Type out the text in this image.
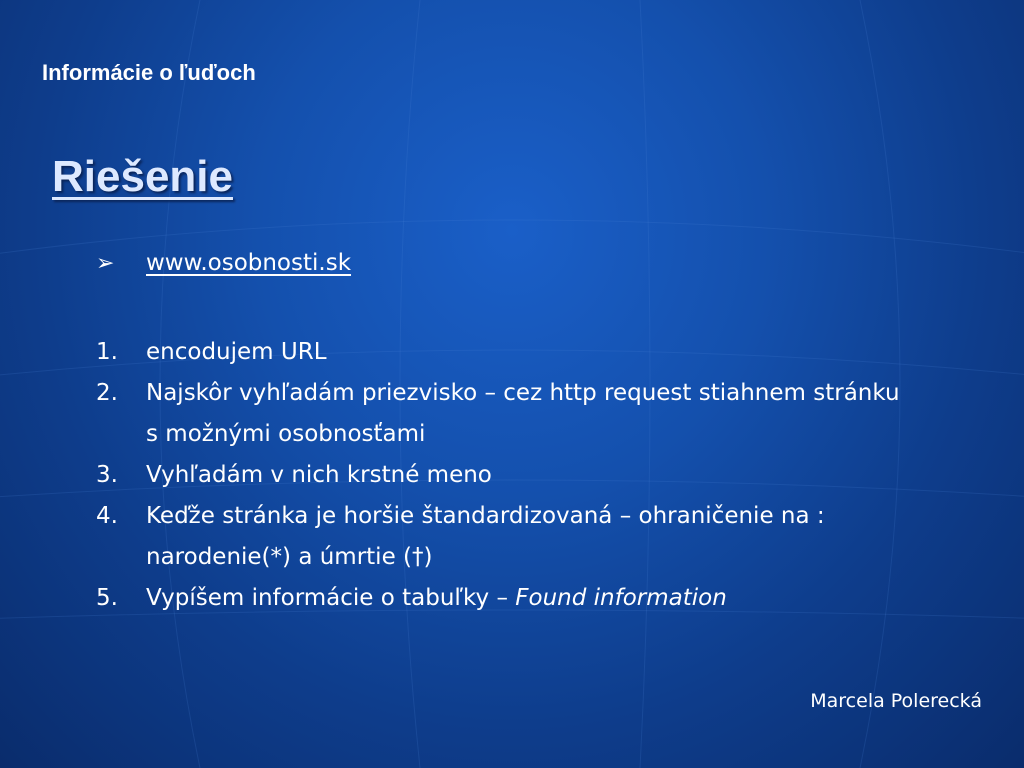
Informácie o ľuďoch
Riešenie
➢	www.osobnosti.sk
1.	encodujem URL
2.	Najskôr vyhľadám priezvisko – cez http request stiahnem stránku s možnými osobnosťami
3.	Vyhľadám v nich krstné meno
4.	Keďže stránka je horšie štandardizovaná – ohraničenie na : narodenie(*) a úmrtie (†)
5.	Vypíšem informácie o tabuľky – Found information
Marcela Polerecká
